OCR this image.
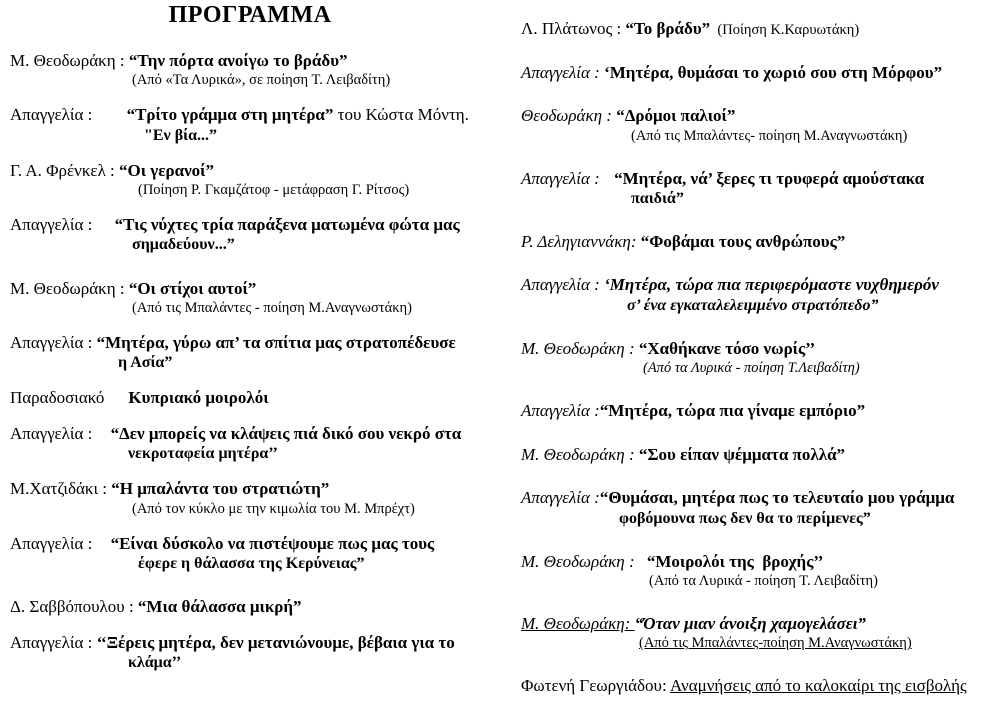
ΠΡΟΓΡΑΜΜΑ
Μ. Θεοδωράκη : “Την πόρτα ανοίγω το βράδυ”
(Από «Τα Λυρικά», σε ποίηση Τ. Λειβαδίτη)
Απαγγελία : “Τρίτο γράμμα στη μητέρα” του Κώστα Μόντη.
"Εν βία...”
Γ. Α. Φρένκελ : “Οι γερανοί”
(Ποίηση Ρ. Γκαμζάτοφ - μετάφραση Γ. Ρίτσος)
Απαγγελία : “Τις νύχτες τρία παράξενα ματωμένα φώτα μας
σημαδεύουν...”
Μ. Θεοδωράκη : “Οι στίχοι αυτοί”
(Από τις Μπαλάντες - ποίηση Μ.Αναγνωστάκη)
Απαγγελία : “Μητέρα, γύρω απ’ τα σπίτια μας στρατοπέδευσε
η Ασία”
Παραδοσιακό Κυπριακό μοιρολόι
Απαγγελία : “Δεν μπορείς να κλάψεις πιά δικό σου νεκρό στα
νεκροταφεία μητέρα’’
Μ.Χατζιδάκι : “Η μπαλάντα του στρατιώτη”
(Από τον κύκλο με την κιμωλία του Μ. Μπρέχτ)
Απαγγελία : “Είναι δύσκολο να πιστέψουμε πως μας τους
έφερε η θάλασσα της Κερύνειας”
Δ. Σαββόπουλου : “Μια θάλασσα μικρή”
Απαγγελία : ‘‘Ξέρεις μητέρα, δεν μετανιώνουμε, βέβαια για το
κλάμα’’
Λ. Πλάτωνος : “Το βράδυ”  (Ποίηση Κ.Καρυωτάκη)
Απαγγελία : ‘Μητέρα, θυμάσαι το χωριό σου στη Μόρφου”
Θεοδωράκη : “Δρόμοι παλιοί”
(Από τις Μπαλάντες- ποίηση Μ.Αναγνωστάκη)
Απαγγελία : “Μητέρα, νά’ ξερες τι τρυφερά αμούστακα
παιδιά”
Ρ. Δεληγιαννάκη: “Φοβάμαι τους ανθρώπους”
Απαγγελία : ‘Μητέρα, τώρα πια περιφερόμαστε νυχθημερόν
σ’ ένα εγκαταλελειμμένο στρατόπεδο”
Μ. Θεοδωράκη : “Χαθήκανε τόσο νωρίς’’
(Από τα Λυρικά - ποίηση Τ.Λειβαδίτη)
Απαγγελία :“Μητέρα, τώρα πια γίναμε εμπόριο”
Μ. Θεοδωράκη : “Σου είπαν ψέμματα πολλά”
Απαγγελία :“Θυμάσαι, μητέρα πως το τελευταίο μου γράμμα
φοβόμουνα πως δεν θα το περίμενες”
Μ. Θεοδωράκη : “Μοιρολόι της  βροχής’’
(Από τα Λυρικά - ποίηση Τ. Λειβαδίτη)
Μ. Θεοδωράκη: “Όταν μιαν άνοιξη χαμογελάσει”
(Από τις Μπαλάντες-ποίηση Μ.Αναγνωστάκη)
Φωτενή Γεωργιάδου: Αναμνήσεις από το καλοκαίρι της εισβολής
